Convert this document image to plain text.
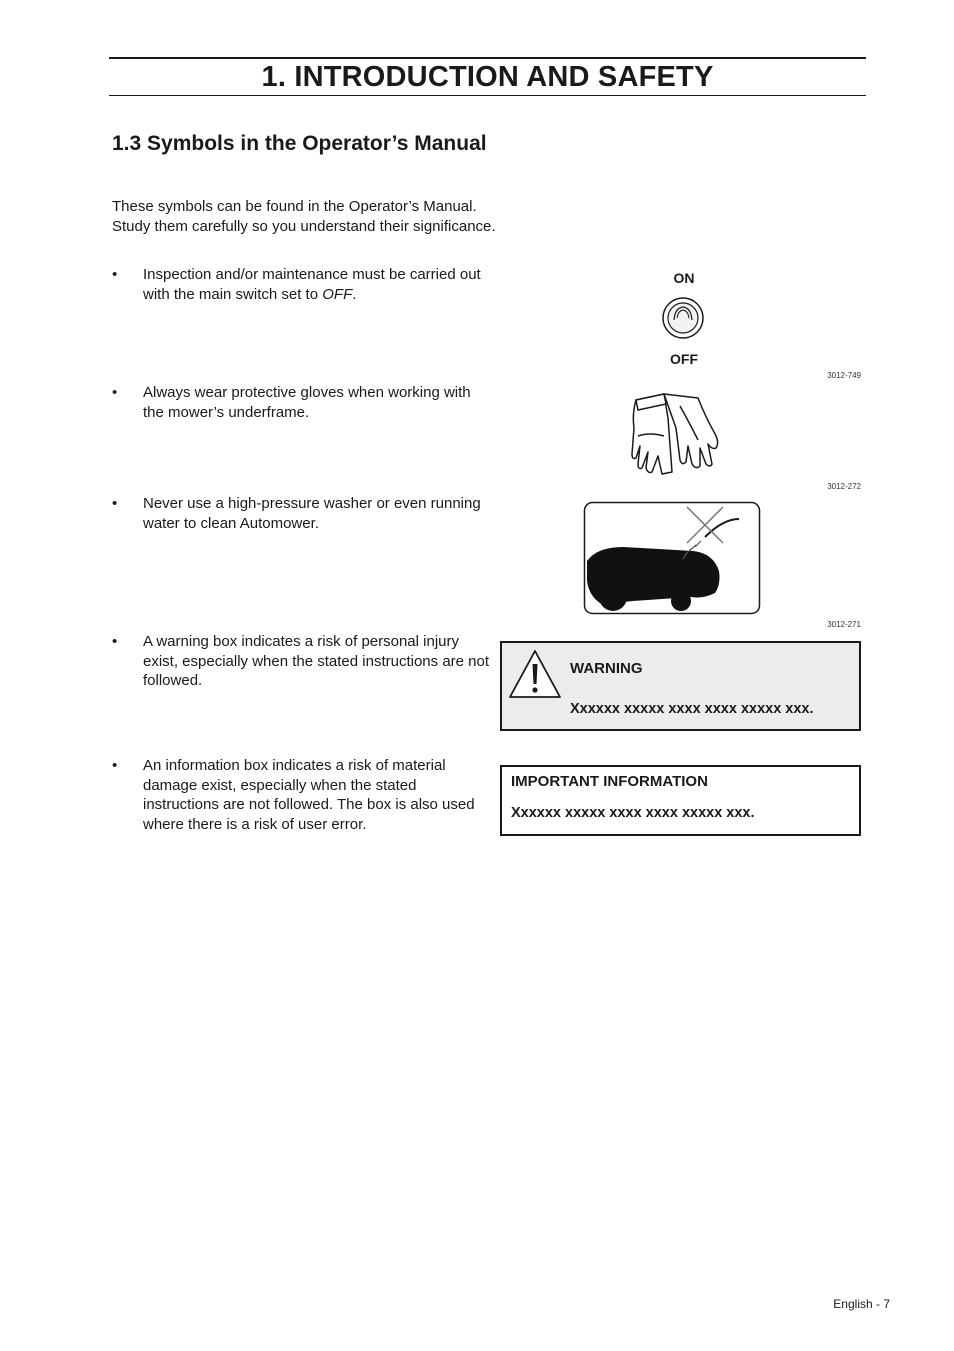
1. INTRODUCTION AND SAFETY
1.3 Symbols in the Operator’s Manual
These symbols can be found in the Operator’s Manual. Study them carefully so you understand their significance.
• Inspection and/or maintenance must be carried out with the main switch set to OFF.
• Always wear protective gloves when working with the mower’s underframe.
• Never use a high-pressure washer or even running water to clean Automower.
• A warning box indicates a risk of personal injury exist, especially when the stated instructions are not followed.
• An information box indicates a risk of material damage exist, especially when the stated instructions are not followed. The box is also used where there is a risk of user error.
ON
OFF
3012-749
3012-272
3012-271
WARNING
Xxxxxx xxxxx xxxx xxxx xxxxx xxx.
IMPORTANT INFORMATION
Xxxxxx xxxxx xxxx xxxx xxxxx xxx.
English - 7
